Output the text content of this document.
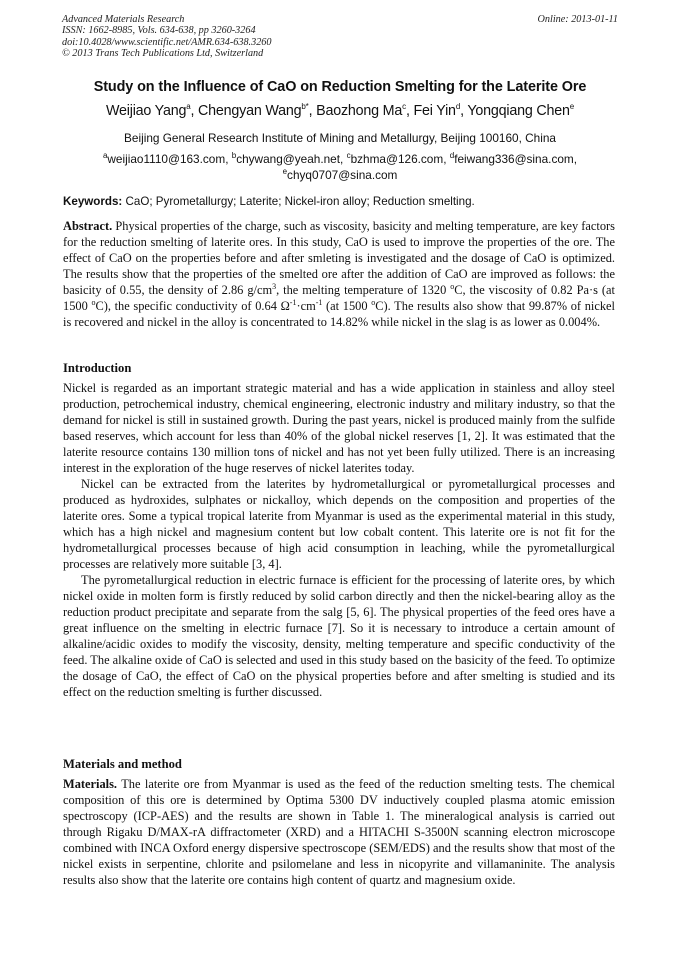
Advanced Materials Research
ISSN: 1662-8985, Vols. 634-638, pp 3260-3264
doi:10.4028/www.scientific.net/AMR.634-638.3260
© 2013 Trans Tech Publications Ltd, Switzerland
Online: 2013-01-11
Study on the Influence of CaO on Reduction Smelting for the Laterite Ore
Weijiao Yang$^a$, Chengyan Wang$^{b*}$, Baozhong Ma$^c$, Fei Yin$^d$, Yongqiang Chen$^e$
Beijing General Research Institute of Mining and Metallurgy, Beijing 100160, China
$^a$weijiao1110@163.com, $^b$chywang@yeah.net, $^c$bzhma@126.com, $^d$feiwang336@sina.com,
$^e$chyq0707@sina.com
Keywords: CaO; Pyrometallurgy; Laterite; Nickel-iron alloy; Reduction smelting.

Abstract. Physical properties of the charge, such as viscosity, basicity and melting temperature, are key factors for the reduction smelting of laterite ores. In this study, CaO is used to improve the properties of the ore. The effect of CaO on the properties before and after smleting is investigated and the dosage of CaO is optimized. The results show that the properties of the smelted ore after the addition of CaO are improved as follows: the basicity of 0.55, the density of 2.86 $g/cm^3$, the melting temperature of 1320 $^o$C, the viscosity of 0.82 Pa·s (at 1500 $^o$C), the specific conductivity of 0.64 $\Omega^{-1}\cdot cm^{-1}$ (at 1500 $^o$C). The results also show that 99.87% of nickel is recovered and nickel in the alloy is concentrated to 14.82% while nickel in the slag is as lower as 0.004%.

Introduction

Nickel is regarded as an important strategic material and has a wide application in stainless and alloy steel production, petrochemical industry, chemical engineering, electronic industry and military industry, so that the demand for nickel is still in sustained growth. During the past years, nickel is produced mainly from the sulfide based reserves, which account for less than 40% of the global nickel reserves [1, 2]. It was estimated that the laterite resource contains 130 million tons of nickel and has not yet been fully utilized. There is an increasing interest in the exploration of the huge reserves of nickel laterites today.

Nickel can be extracted from the laterites by hydrometallurgical or pyrometallurgical processes and produced as hydroxides, sulphates or nickalloy, which depends on the composition and properties of the laterite ores. Some a typical tropical laterite from Myanmar is used as the experimental material in this study, which has a high nickel and magnesium content but low cobalt content. This laterite ore is not fit for the hydrometallurgical processes because of high acid consumption in leaching, while the pyrometallurgical processes are relatively more suitable [3, 4].

The pyrometallurgical reduction in electric furnace is efficient for the processing of laterite ores, by which nickel oxide in molten form is firstly reduced by solid carbon directly and then the nickel-bearing alloy as the reduction product precipitate and separate from the salg [5, 6]. The physical properties of the feed ores have a great influence on the smelting in electric furnace [7]. So it is necessary to introduce a certain amount of alkaline/acidic oxides to modify the viscosity, density, melting temperature and specific conductivity of the feed. The alkaline oxide of CaO is selected and used in this study based on the basicity of the feed. To optimize the dosage of CaO, the effect of CaO on the physical properties before and after smelting is studied and its effect on the reduction smelting is further discussed.

Materials and method

Materials. The laterite ore from Myanmar is used as the feed of the reduction smelting tests. The chemical composition of this ore is determined by Optima 5300 DV inductively coupled plasma atomic emission spectroscopy (ICP-AES) and the results are shown in Table 1. The mineralogical analysis is carried out through Rigaku D/MAX-rA diffractometer (XRD) and a HITACHI S-3500N scanning electron microscope combined with INCA Oxford energy dispersive spectroscope (SEM/EDS) and the results show that most of the nickel exists in serpentine, chlorite and psilomelane and less in nicopyrite and villamaninite. The analysis results also show that the laterite ore contains high content of quartz and magnesium oxide.
